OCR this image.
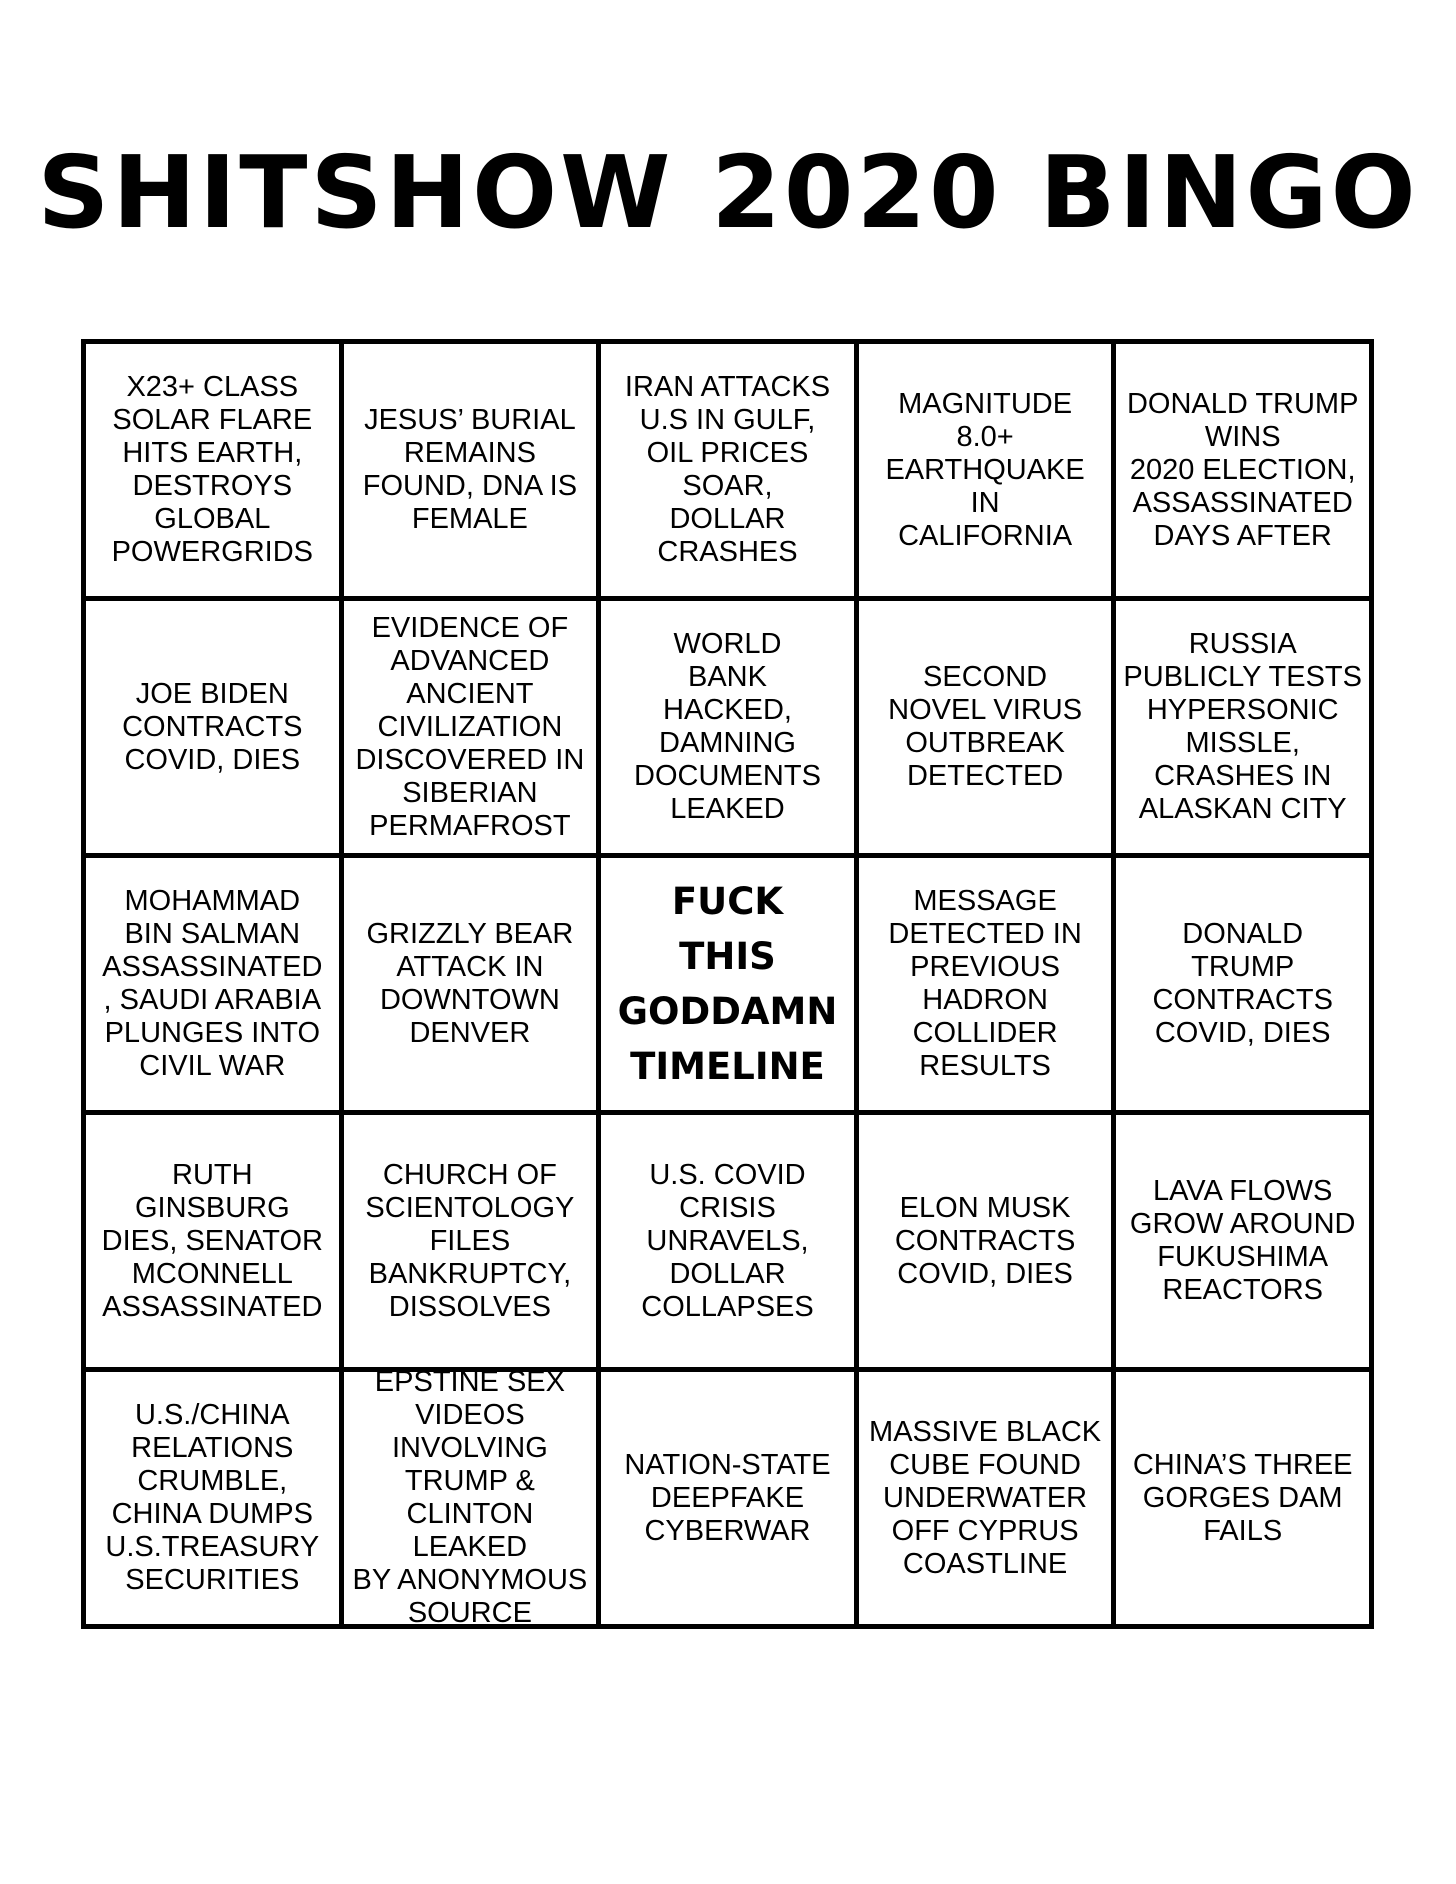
SHITSHOW 2020 BINGO
X23+ CLASS
SOLAR FLARE
HITS EARTH,
DESTROYS
GLOBAL
POWERGRIDS
JESUS’ BURIAL
REMAINS
FOUND, DNA IS
FEMALE
IRAN ATTACKS
U.S IN GULF,
OIL PRICES
SOAR,
DOLLAR
CRASHES
MAGNITUDE
8.0+
EARTHQUAKE
IN
CALIFORNIA
DONALD TRUMP
WINS
2020 ELECTION,
ASSASSINATED
DAYS AFTER
JOE BIDEN
CONTRACTS
COVID, DIES
EVIDENCE OF
ADVANCED
ANCIENT
CIVILIZATION
DISCOVERED IN
SIBERIAN
PERMAFROST
WORLD
BANK
HACKED,
DAMNING
DOCUMENTS
LEAKED
SECOND
NOVEL VIRUS
OUTBREAK
DETECTED
RUSSIA
PUBLICLY TESTS
HYPERSONIC
MISSLE,
CRASHES IN
ALASKAN CITY
MOHAMMAD
BIN SALMAN
ASSASSINATED
, SAUDI ARABIA
PLUNGES INTO
CIVIL WAR
GRIZZLY BEAR
ATTACK IN
DOWNTOWN
DENVER
FUCK
THIS
GODDAMN
TIMELINE
MESSAGE
DETECTED IN
PREVIOUS
HADRON
COLLIDER
RESULTS
DONALD
TRUMP
CONTRACTS
COVID, DIES
RUTH
GINSBURG
DIES, SENATOR
MCONNELL
ASSASSINATED
CHURCH OF
SCIENTOLOGY
FILES
BANKRUPTCY,
DISSOLVES
U.S. COVID
CRISIS
UNRAVELS,
DOLLAR
COLLAPSES
ELON MUSK
CONTRACTS
COVID, DIES
LAVA FLOWS
GROW AROUND
FUKUSHIMA
REACTORS
U.S./CHINA
RELATIONS
CRUMBLE,
CHINA DUMPS
U.S.TREASURY
SECURITIES
EPSTINE SEX
VIDEOS
INVOLVING
TRUMP &
CLINTON LEAKED
BY ANONYMOUS
SOURCE
NATION-STATE
DEEPFAKE
CYBERWAR
MASSIVE BLACK
CUBE FOUND
UNDERWATER
OFF CYPRUS
COASTLINE
CHINA’S THREE
GORGES DAM
FAILS
